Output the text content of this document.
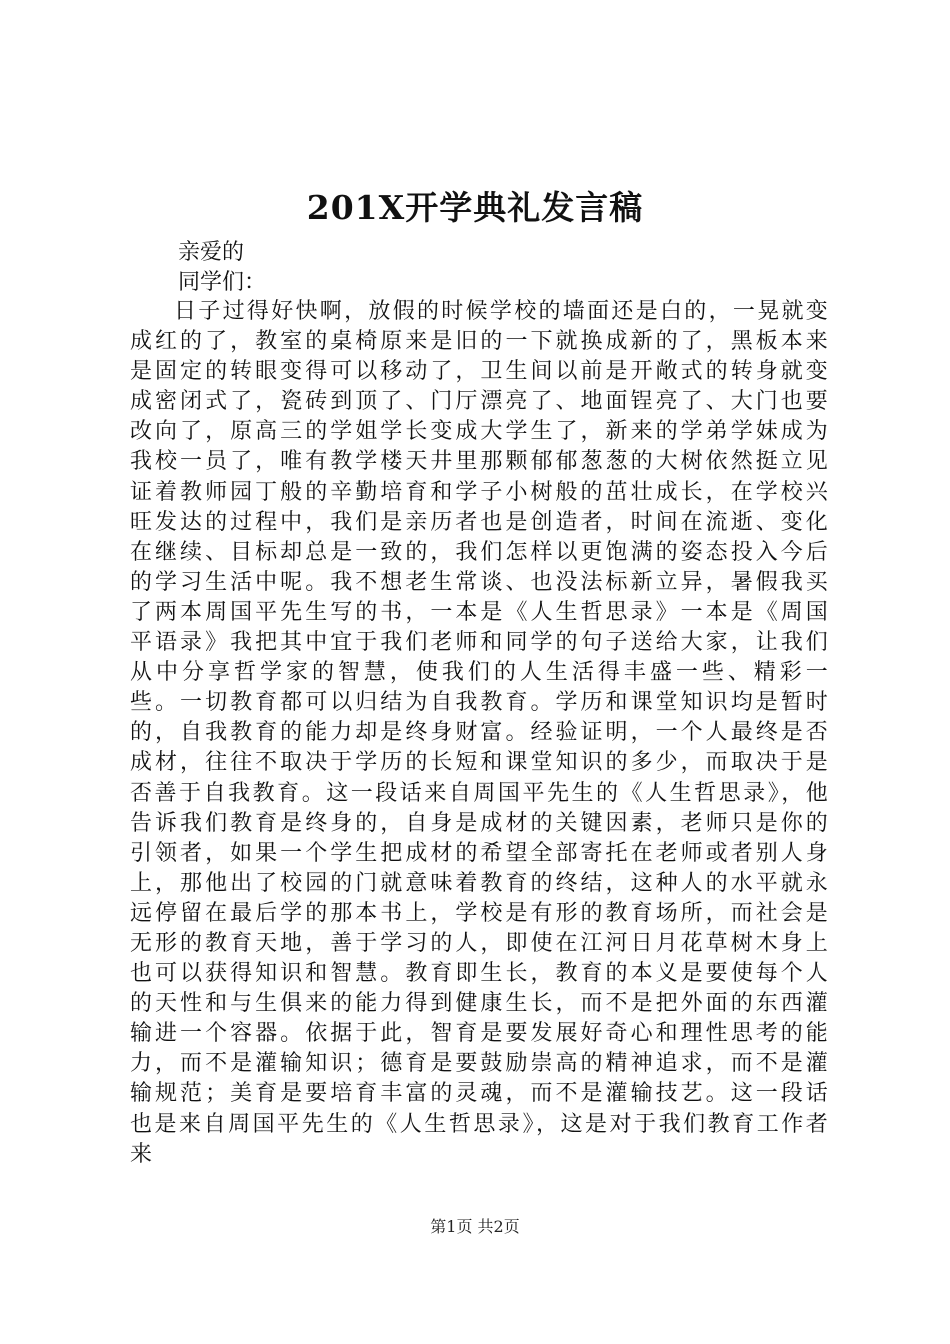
201X开学典礼发言稿
亲爱的
同学们：

日子过得好快啊，放假的时候学校的墙面还是白的，一晃就变成红的了，教室的桌椅原来是旧的一下就换成新的了，黑板本来是固定的转眼变得可以移动了，卫生间以前是开敞式的转身就变成密闭式了，瓷砖到顶了、门厅漂亮了、地面锃亮了、大门也要改向了，原高三的学姐学长变成大学生了，新来的学弟学妹成为我校一员了，唯有教学楼天井里那颗郁郁葱葱的大树依然挺立见证着教师园丁般的辛勤培育和学子小树般的茁壮成长，在学校兴旺发达的过程中，我们是亲历者也是创造者，时间在流逝、变化在继续、目标却总是一致的，我们怎样以更饱满的姿态投入今后的学习生活中呢。我不想老生常谈、也没法标新立异，暑假我买了两本周国平先生写的书，一本是《人生哲思录》一本是《周国平语录》我把其中宜于我们老师和同学的句子送给大家，让我们从中分享哲学家的智慧，使我们的人生活得丰盛一些、精彩一些。一切教育都可以归结为自我教育。学历和课堂知识均是暂时的，自我教育的能力却是终身财富。经验证明，一个人最终是否成材，往往不取决于学历的长短和课堂知识的多少，而取决于是否善于自我教育。这一段话来自周国平先生的《人生哲思录》，他告诉我们教育是终身的，自身是成材的关键因素，老师只是你的引领者，如果一个学生把成材的希望全部寄托在老师或者别人身上，那他出了校园的门就意味着教育的终结，这种人的水平就永远停留在最后学的那本书上，学校是有形的教育场所，而社会是无形的教育天地，善于学习的人，即使在江河日月花草树木身上也可以获得知识和智慧。教育即生长，教育的本义是要使每个人的天性和与生俱来的能力得到健康生长，而不是把外面的东西灌输进一个容器。依据于此，智育是要发展好奇心和理性思考的能力，而不是灌输知识；德育是要鼓励崇高的精神追求，而不是灌输规范；美育是要培育丰富的灵魂，而不是灌输技艺。这一段话也是来自周国平先生的《人生哲思录》，这是对于我们教育工作者来

第1页 共2页
